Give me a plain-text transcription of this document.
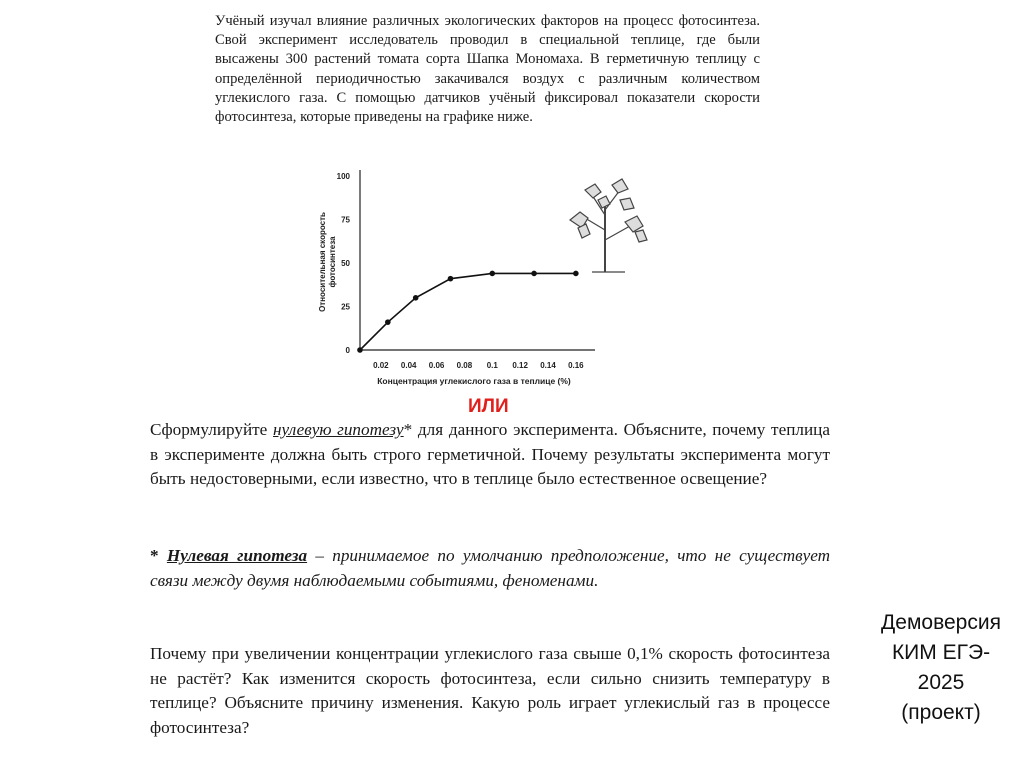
Учёный изучал влияние различных экологических факторов на процесс фотосинтеза. Свой эксперимент исследователь проводил в специальной теплице, где были высажены 300 растений томата сорта Шапка Мономаха. В герметичную теплицу с определённой периодичностью закачивался воздух с различным количеством углекислого газа. С помощью датчиков учёный фиксировал показатели скорости фотосинтеза, которые приведены на графике ниже.

0
25
50
75
100
0.02 0.04 0.06 0.08 0.1 0.12 0.14 0.16
Концентрация углекислого газа в теплице (%)
Относительная скорость фотосинтеза
ИЛИ

Сформулируйте нулевую гипотезу* для данного эксперимента. Объясните, почему теплица в эксперименте должна быть строго герметичной. Почему результаты эксперимента могут быть недостоверными, если известно, что в теплице было естественное освещение?

* Нулевая гипотеза – принимаемое по умолчанию предположение, что не существует связи между двумя наблюдаемыми событиями, феноменами.

Почему при увеличении концентрации углекислого газа свыше 0,1% скорость фотосинтеза не растёт? Как изменится скорость фотосинтеза, если сильно снизить температуру в теплице? Объясните причину изменения. Какую роль играет углекислый газ в процессе фотосинтеза?

Демоверсия
КИМ ЕГЭ-
2025
(проект)
